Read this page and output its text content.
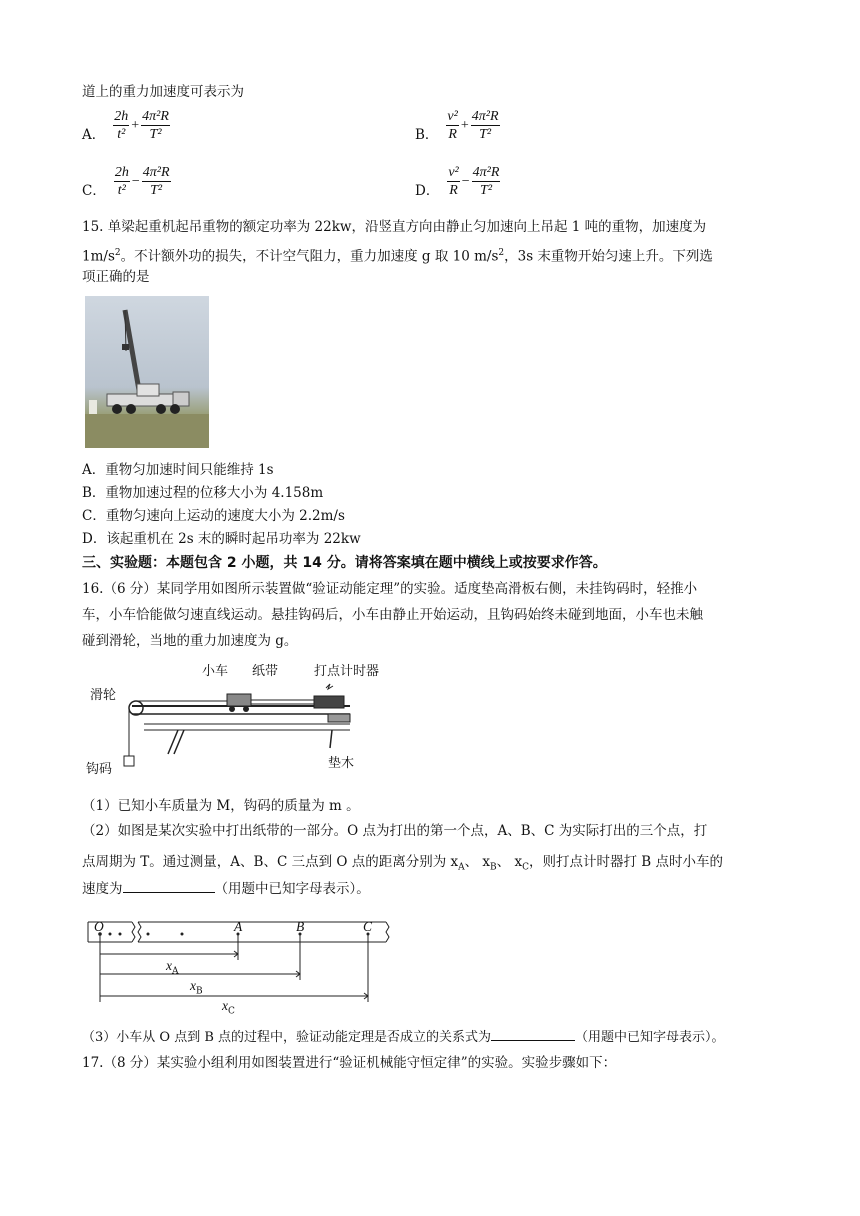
道上的重力加速度可表示为
A． $\frac{2h}{\text{t²}} + \frac{\text{4π²R}}{\text{T²}}$	B． $\frac{\text{v²}}{R} + \frac{\text{4π²R}}{\text{T²}}$
C． $\frac{2h}{\text{t²}} - \frac{\text{4π²R}}{\text{T²}}$	D． $\frac{\text{v²}}{R} - \frac{\text{4π²R}}{\text{T²}}$
15. 单梁起重机起吊重物的额定功率为 22kw，沿竖直方向由静止匀加速向上吊起 1 吨的重物，加速度为
$1m/s^2$。不计额外功的损失，不计空气阻力，重力加速度 g 取 10 $m/s^2$，3s 末重物开始匀速上升。下列选
项正确的是
A．重物匀加速时间只能维持 1s
B．重物加速过程的位移大小为 4.158m
C．重物匀速向上运动的速度大小为 2.2m/s
D．该起重机在 2s 末的瞬时起吊功率为 22kw
三、实验题：本题包含 2 小题，共 14 分。请将答案填在题中横线上或按要求作答。
16.（6 分）某同学用如图所示装置做“验证动能定理”的实验。适度垫高滑板右侧，未挂钩码时，轻推小
车，小车恰能做匀速直线运动。悬挂钩码后，小车由静止开始运动，且钩码始终未碰到地面，小车也未触
碰到滑轮，当地的重力加速度为 g。
小车 纸带	打点计时器
滑轮
钩码	垫木
（1）已知小车质量为 M，钩码的质量为 m 。
（2）如图是某次实验中打出纸带的一部分。O 点为打出的第一个点，A、B、C 为实际打出的三个点，打
点周期为 T。通过测量，A、B、C 三点到 O 点的距离分别为 $x_A$、 $x_B$、 $x_C$，则打点计时器打 B 点时小车的
速度为	（用题中已知字母表示）。
O	A	B	C
$x_A$
$x_B$
$x_C$
（3）小车从 O 点到 B 点的过程中，验证动能定理是否成立的关系式为	（用题中已知字母表示）。
17.（8 分）某实验小组利用如图装置进行“验证机械能守恒定律”的实验。实验步骤如下：
